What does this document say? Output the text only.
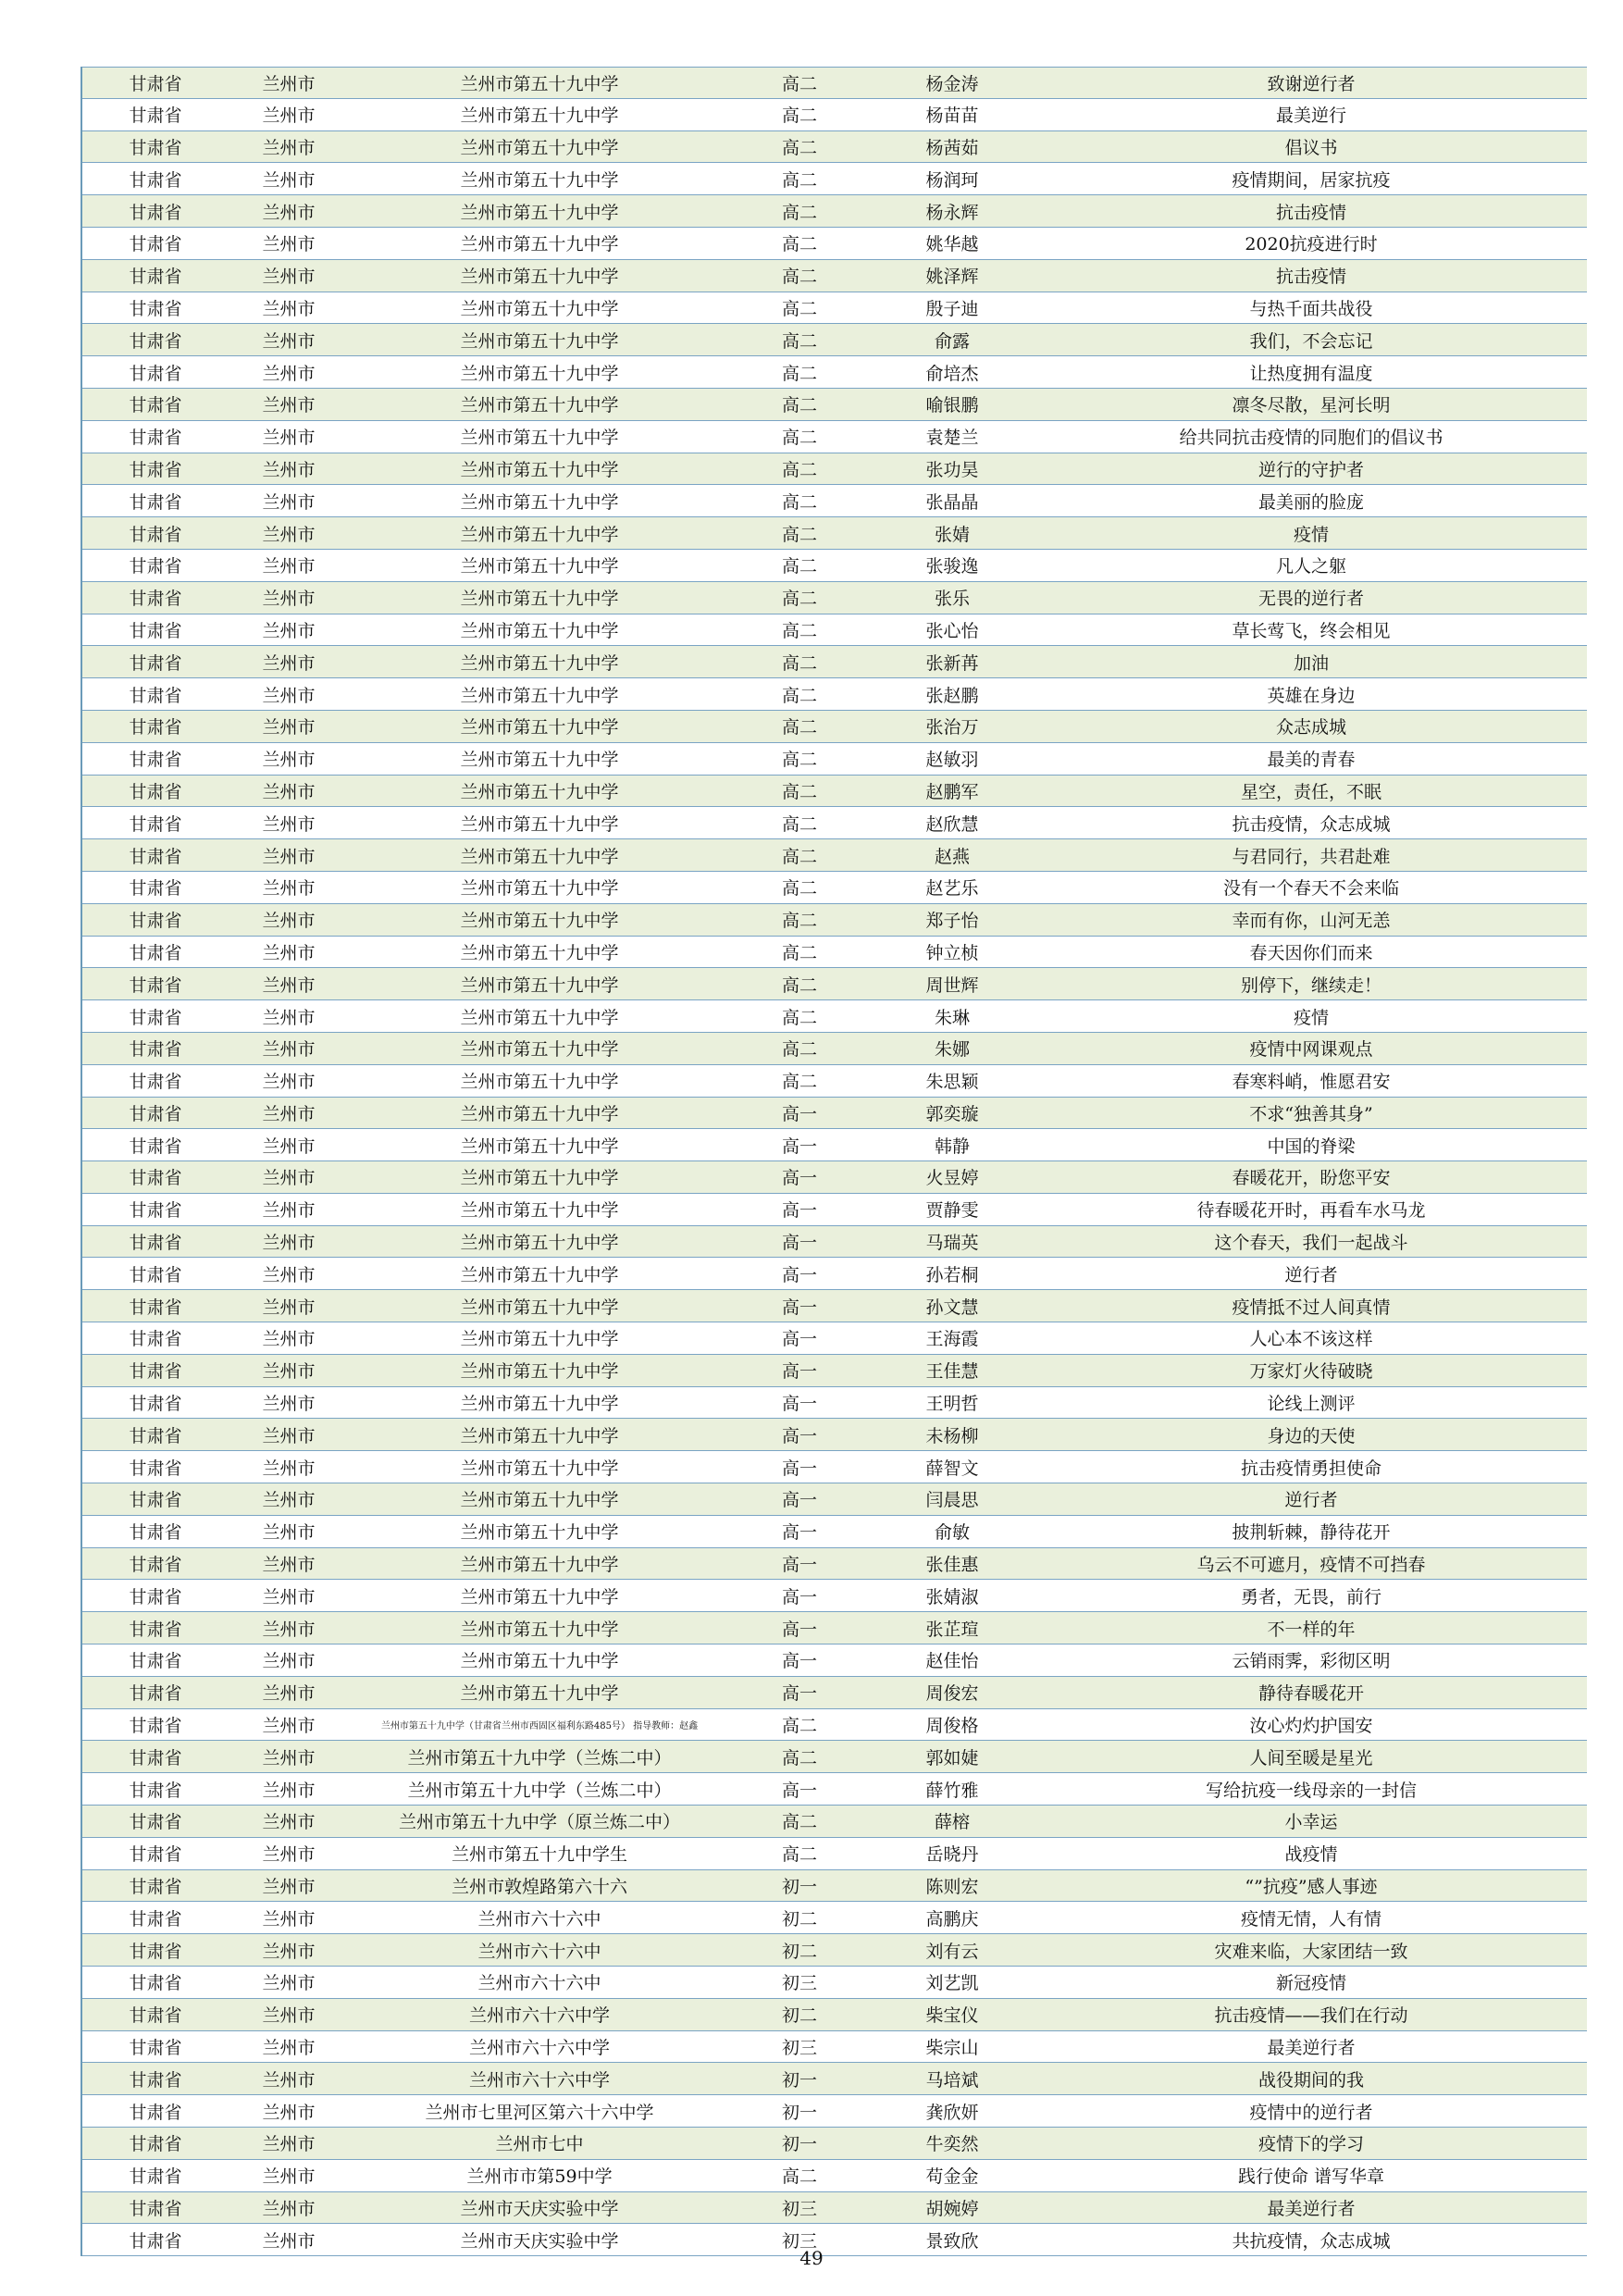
甘肃省	兰州市	兰州市第五十九中学	高二	杨金涛	致谢逆行者
甘肃省	兰州市	兰州市第五十九中学	高二	杨苗苗	最美逆行
甘肃省	兰州市	兰州市第五十九中学	高二	杨茜茹	倡议书
甘肃省	兰州市	兰州市第五十九中学	高二	杨润珂	疫情期间，居家抗疫
甘肃省	兰州市	兰州市第五十九中学	高二	杨永辉	抗击疫情
甘肃省	兰州市	兰州市第五十九中学	高二	姚华越	2020抗疫进行时
甘肃省	兰州市	兰州市第五十九中学	高二	姚泽辉	抗击疫情
甘肃省	兰州市	兰州市第五十九中学	高二	殷子迪	与热千面共战役
甘肃省	兰州市	兰州市第五十九中学	高二	俞露	我们，不会忘记
甘肃省	兰州市	兰州市第五十九中学	高二	俞培杰	让热度拥有温度
甘肃省	兰州市	兰州市第五十九中学	高二	喻银鹏	凛冬尽散，星河长明
甘肃省	兰州市	兰州市第五十九中学	高二	袁楚兰	给共同抗击疫情的同胞们的倡议书
甘肃省	兰州市	兰州市第五十九中学	高二	张功昊	逆行的守护者
甘肃省	兰州市	兰州市第五十九中学	高二	张晶晶	最美丽的脸庞
甘肃省	兰州市	兰州市第五十九中学	高二	张婧	疫情
甘肃省	兰州市	兰州市第五十九中学	高二	张骏逸	凡人之躯
甘肃省	兰州市	兰州市第五十九中学	高二	张乐	无畏的逆行者
甘肃省	兰州市	兰州市第五十九中学	高二	张心怡	草长莺飞，终会相见
甘肃省	兰州市	兰州市第五十九中学	高二	张新苒	加油
甘肃省	兰州市	兰州市第五十九中学	高二	张赵鹏	英雄在身边
甘肃省	兰州市	兰州市第五十九中学	高二	张治万	众志成城
甘肃省	兰州市	兰州市第五十九中学	高二	赵敏羽	最美的青春
甘肃省	兰州市	兰州市第五十九中学	高二	赵鹏军	星空，责任，不眠
甘肃省	兰州市	兰州市第五十九中学	高二	赵欣慧	抗击疫情，众志成城
甘肃省	兰州市	兰州市第五十九中学	高二	赵燕	与君同行，共君赴难
甘肃省	兰州市	兰州市第五十九中学	高二	赵艺乐	没有一个春天不会来临
甘肃省	兰州市	兰州市第五十九中学	高二	郑子怡	幸而有你，山河无恙
甘肃省	兰州市	兰州市第五十九中学	高二	钟立桢	春天因你们而来
甘肃省	兰州市	兰州市第五十九中学	高二	周世辉	别停下，继续走！
甘肃省	兰州市	兰州市第五十九中学	高二	朱琳	疫情
甘肃省	兰州市	兰州市第五十九中学	高二	朱娜	疫情中网课观点
甘肃省	兰州市	兰州市第五十九中学	高二	朱思颖	春寒料峭，惟愿君安
甘肃省	兰州市	兰州市第五十九中学	高一	郭奕璇	不求“独善其身”
甘肃省	兰州市	兰州市第五十九中学	高一	韩静	中国的脊梁
甘肃省	兰州市	兰州市第五十九中学	高一	火昱婷	春暖花开，盼您平安
甘肃省	兰州市	兰州市第五十九中学	高一	贾静雯	待春暖花开时，再看车水马龙
甘肃省	兰州市	兰州市第五十九中学	高一	马瑞英	这个春天，我们一起战斗
甘肃省	兰州市	兰州市第五十九中学	高一	孙若桐	逆行者
甘肃省	兰州市	兰州市第五十九中学	高一	孙文慧	疫情抵不过人间真情
甘肃省	兰州市	兰州市第五十九中学	高一	王海霞	人心本不该这样
甘肃省	兰州市	兰州市第五十九中学	高一	王佳慧	万家灯火待破晓
甘肃省	兰州市	兰州市第五十九中学	高一	王明哲	论线上测评
甘肃省	兰州市	兰州市第五十九中学	高一	未杨柳	身边的天使
甘肃省	兰州市	兰州市第五十九中学	高一	薛智文	抗击疫情勇担使命
甘肃省	兰州市	兰州市第五十九中学	高一	闫晨思	逆行者
甘肃省	兰州市	兰州市第五十九中学	高一	俞敏	披荆斩棘，静待花开
甘肃省	兰州市	兰州市第五十九中学	高一	张佳惠	乌云不可遮月，疫情不可挡春
甘肃省	兰州市	兰州市第五十九中学	高一	张婧淑	勇者，无畏，前行
甘肃省	兰州市	兰州市第五十九中学	高一	张芷瑄	不一样的年
甘肃省	兰州市	兰州市第五十九中学	高一	赵佳怡	云销雨霁，彩彻区明
甘肃省	兰州市	兰州市第五十九中学	高一	周俊宏	静待春暖花开
甘肃省	兰州市	兰州市第五十九中学（甘肃省兰州市西固区福利东路485号） 指导教师：赵鑫	高二	周俊格	汝心灼灼护国安
甘肃省	兰州市	兰州市第五十九中学（兰炼二中）	高二	郭如婕	人间至暖是星光
甘肃省	兰州市	兰州市第五十九中学（兰炼二中）	高一	薛竹雅	写给抗疫一线母亲的一封信
甘肃省	兰州市	兰州市第五十九中学（原兰炼二中）	高二	薛榕	小幸运
甘肃省	兰州市	兰州市第五十九中学生	高二	岳晓丹	战疫情
甘肃省	兰州市	兰州市敦煌路第六十六	初一	陈则宏	“”抗疫”感人事迹
甘肃省	兰州市	兰州市六十六中	初二	高鹏庆	疫情无情，人有情
甘肃省	兰州市	兰州市六十六中	初二	刘有云	灾难来临，大家团结一致
甘肃省	兰州市	兰州市六十六中	初三	刘艺凯	新冠疫情
甘肃省	兰州市	兰州市六十六中学	初二	柴宝仪	抗击疫情——我们在行动
甘肃省	兰州市	兰州市六十六中学	初三	柴宗山	最美逆行者
甘肃省	兰州市	兰州市六十六中学	初一	马培斌	战役期间的我
甘肃省	兰州市	兰州市七里河区第六十六中学	初一	龚欣妍	疫情中的逆行者
甘肃省	兰州市	兰州市七中	初一	牛奕然	疫情下的学习
甘肃省	兰州市	兰州市市第59中学	高二	苟金金	践行使命 谱写华章
甘肃省	兰州市	兰州市天庆实验中学	初三	胡婉婷	最美逆行者
甘肃省	兰州市	兰州市天庆实验中学	初三	景致欣	共抗疫情，众志成城
49
